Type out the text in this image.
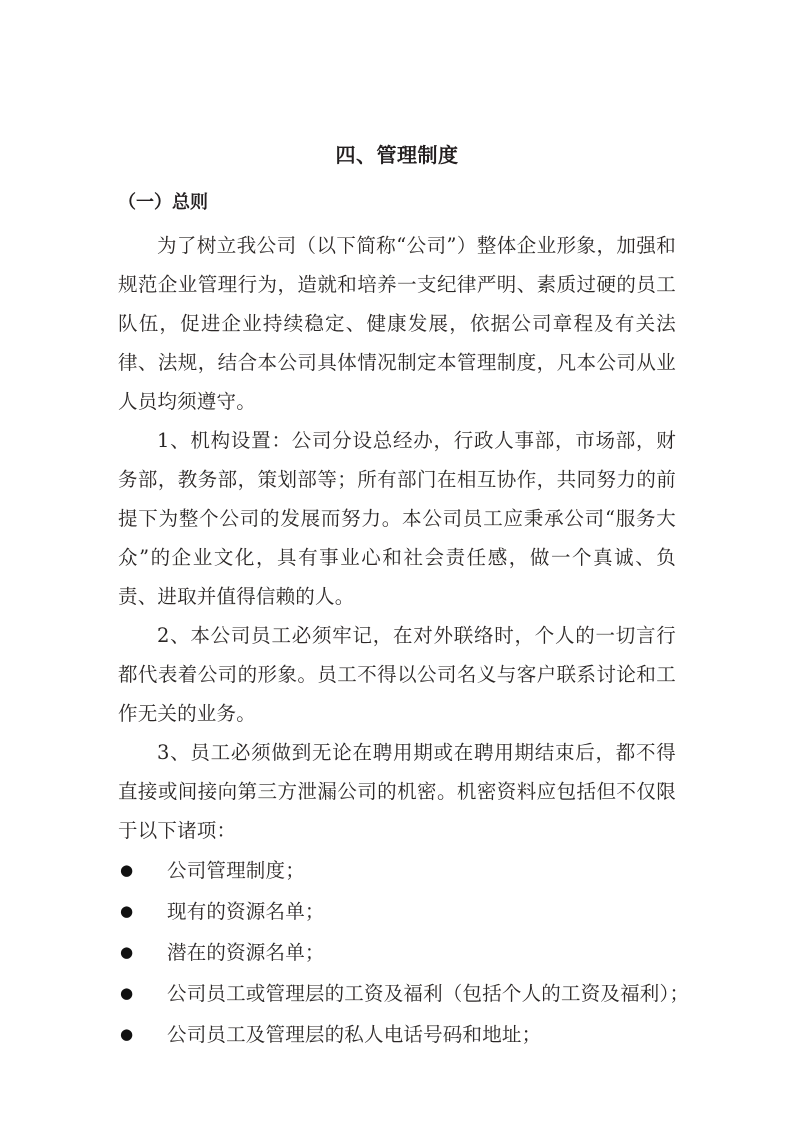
四、管理制度
（一）总则

为了树立我公司（以下简称“公司”）整体企业形象，加强和规范企业管理行为，造就和培养一支纪律严明、素质过硬的员工队伍，促进企业持续稳定、健康发展，依据公司章程及有关法律、法规，结合本公司具体情况制定本管理制度，凡本公司从业人员均须遵守。

1、机构设置：公司分设总经办，行政人事部，市场部，财务部，教务部，策划部等；所有部门在相互协作，共同努力的前提下为整个公司的发展而努力。本公司员工应秉承公司“服务大众”的企业文化，具有事业心和社会责任感，做一个真诚、负责、进取并值得信赖的人。

2、本公司员工必须牢记，在对外联络时，个人的一切言行都代表着公司的形象。员工不得以公司名义与客户联系讨论和工作无关的业务。

3、员工必须做到无论在聘用期或在聘用期结束后，都不得直接或间接向第三方泄漏公司的机密。机密资料应包括但不仅限于以下诸项：

● 公司管理制度；
● 现有的资源名单；
● 潜在的资源名单；
● 公司员工或管理层的工资及福利（包括个人的工资及福利）；
● 公司员工及管理层的私人电话号码和地址；
